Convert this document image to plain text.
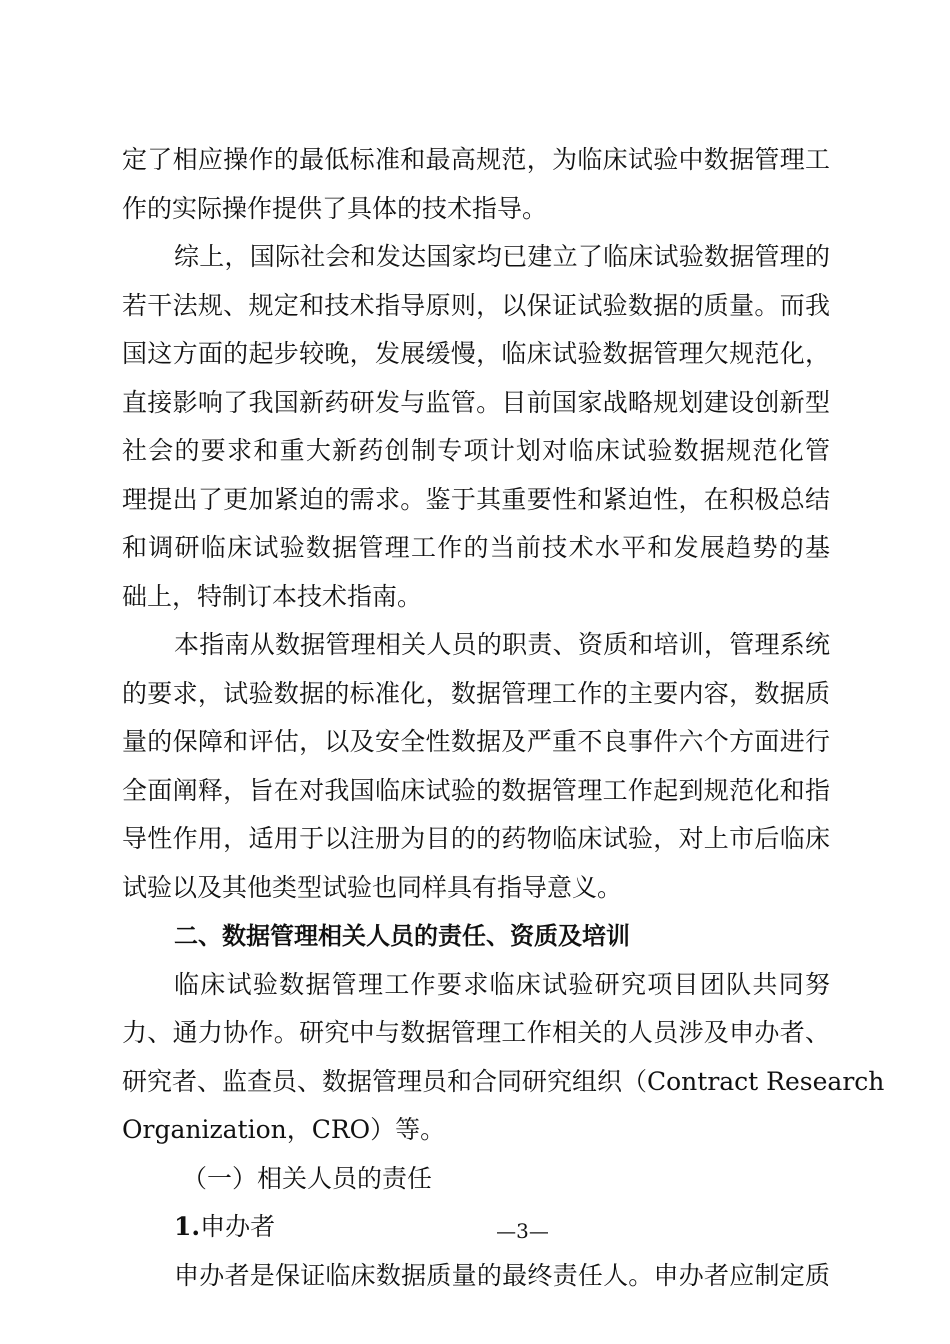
定了相应操作的最低标准和最高规范，为临床试验中数据管理工
作的实际操作提供了具体的技术指导。
综上，国际社会和发达国家均已建立了临床试验数据管理的
若干法规、规定和技术指导原则，以保证试验数据的质量。而我
国这方面的起步较晚，发展缓慢，临床试验数据管理欠规范化，
直接影响了我国新药研发与监管。目前国家战略规划建设创新型
社会的要求和重大新药创制专项计划对临床试验数据规范化管
理提出了更加紧迫的需求。鉴于其重要性和紧迫性，在积极总结
和调研临床试验数据管理工作的当前技术水平和发展趋势的基
础上，特制订本技术指南。
本指南从数据管理相关人员的职责、资质和培训，管理系统
的要求，试验数据的标准化，数据管理工作的主要内容，数据质
量的保障和评估，以及安全性数据及严重不良事件六个方面进行
全面阐释，旨在对我国临床试验的数据管理工作起到规范化和指
导性作用，适用于以注册为目的的药物临床试验，对上市后临床
试验以及其他类型试验也同样具有指导意义。
二、数据管理相关人员的责任、资质及培训
临床试验数据管理工作要求临床试验研究项目团队共同努
力、通力协作。研究中与数据管理工作相关的人员涉及申办者、
研究者、监查员、数据管理员和合同研究组织（Contract Research
Organization，CRO）等。
（一）相关人员的责任
1.申办者
申办者是保证临床数据质量的最终责任人。申办者应制定质
—3—
